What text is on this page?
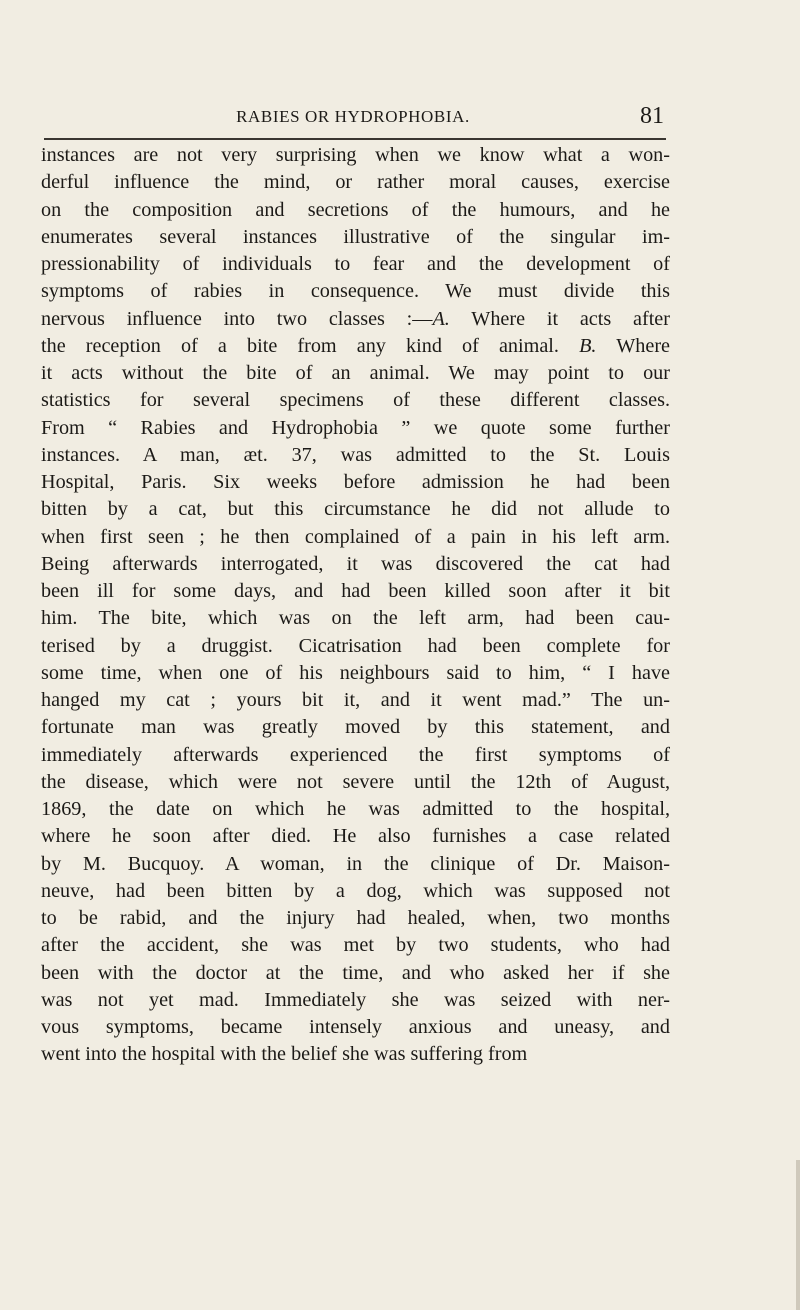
RABIES OR HYDROPHOBIA.	81
instances are not very surprising when we know what a won-
derful influence the mind, or rather moral causes, exercise
on the composition and secretions of the humours, and he
enumerates several instances illustrative of the singular im-
pressionability of individuals to fear and the development of
symptoms of rabies in consequence. We must divide this
nervous influence into two classes :—A. Where it acts after
the reception of a bite from any kind of animal. B. Where
it acts without the bite of an animal. We may point to our
statistics for several specimens of these different classes.
From “ Rabies and Hydrophobia ” we quote some further
instances. A man, æt. 37, was admitted to the St. Louis
Hospital, Paris. Six weeks before admission he had been
bitten by a cat, but this circumstance he did not allude to
when first seen ; he then complained of a pain in his left arm.
Being afterwards interrogated, it was discovered the cat had
been ill for some days, and had been killed soon after it bit
him. The bite, which was on the left arm, had been cau-
terised by a druggist. Cicatrisation had been complete for
some time, when one of his neighbours said to him, “ I have
hanged my cat ; yours bit it, and it went mad.” The un-
fortunate man was greatly moved by this statement, and
immediately afterwards experienced the first symptoms of
the disease, which were not severe until the 12th of August,
1869, the date on which he was admitted to the hospital,
where he soon after died. He also furnishes a case related
by M. Bucquoy. A woman, in the clinique of Dr. Maison-
neuve, had been bitten by a dog, which was supposed not
to be rabid, and the injury had healed, when, two months
after the accident, she was met by two students, who had
been with the doctor at the time, and who asked her if she
was not yet mad. Immediately she was seized with ner-
vous symptoms, became intensely anxious and uneasy, and
went into the hospital with the belief she was suffering from
